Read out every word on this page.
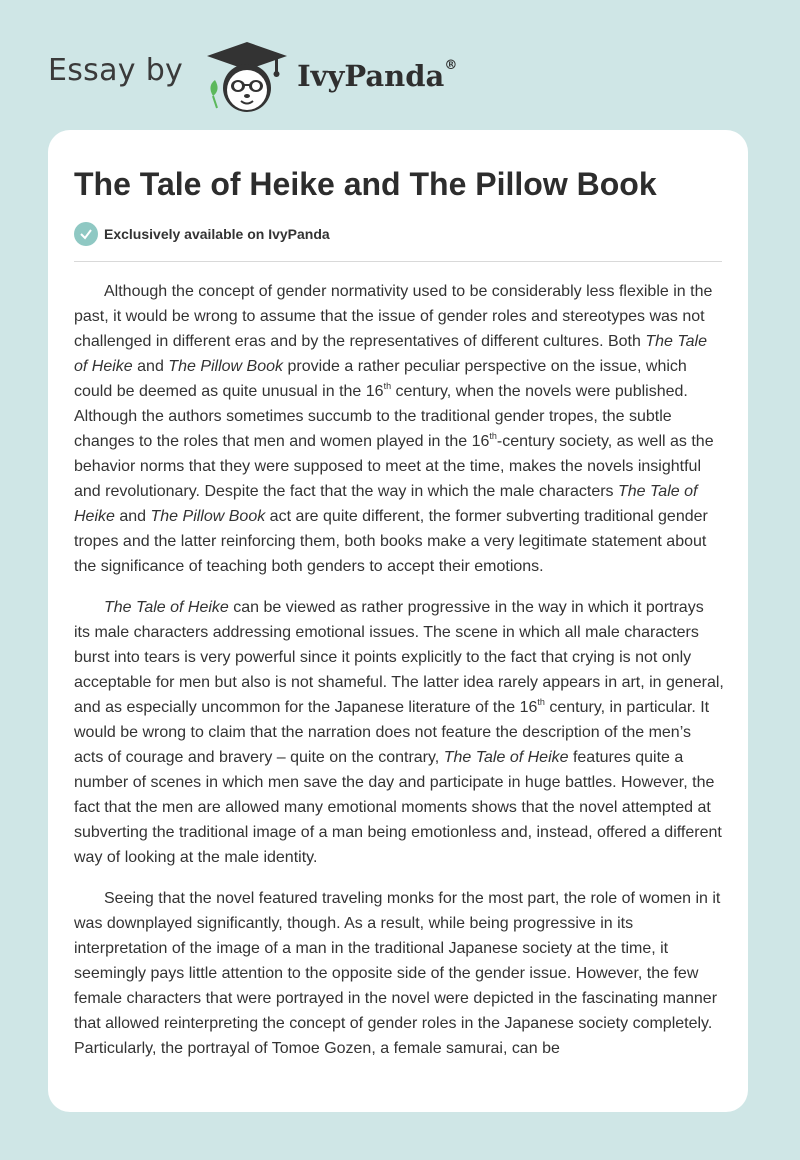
Essay by	IvyPanda®
The Tale of Heike and The Pillow Book
Exclusively available on IvyPanda

Although the concept of gender normativity used to be considerably less flexible in the past, it would be wrong to assume that the issue of gender roles and stereotypes was not challenged in different eras and by the representatives of different cultures. Both The Tale of Heike and The Pillow Book provide a rather peculiar perspective on the issue, which could be deemed as quite unusual in the 16th century, when the novels were published. Although the authors sometimes succumb to the traditional gender tropes, the subtle changes to the roles that men and women played in the 16th-century society, as well as the behavior norms that they were supposed to meet at the time, makes the novels insightful and revolutionary. Despite the fact that the way in which the male characters The Tale of Heike and The Pillow Book act are quite different, the former subverting traditional gender tropes and the latter reinforcing them, both books make a very legitimate statement about the significance of teaching both genders to accept their emotions.

The Tale of Heike can be viewed as rather progressive in the way in which it portrays its male characters addressing emotional issues. The scene in which all male characters burst into tears is very powerful since it points explicitly to the fact that crying is not only acceptable for men but also is not shameful. The latter idea rarely appears in art, in general, and as especially uncommon for the Japanese literature of the 16th century, in particular. It would be wrong to claim that the narration does not feature the description of the men’s acts of courage and bravery – quite on the contrary, The Tale of Heike features quite a number of scenes in which men save the day and participate in huge battles. However, the fact that the men are allowed many emotional moments shows that the novel attempted at subverting the traditional image of a man being emotionless and, instead, offered a different way of looking at the male identity.

Seeing that the novel featured traveling monks for the most part, the role of women in it was downplayed significantly, though. As a result, while being progressive in its interpretation of the image of a man in the traditional Japanese society at the time, it seemingly pays little attention to the opposite side of the gender issue. However, the few female characters that were portrayed in the novel were depicted in the fascinating manner that allowed reinterpreting the concept of gender roles in the Japanese society completely. Particularly, the portrayal of Tomoe Gozen, a female samurai, can be
